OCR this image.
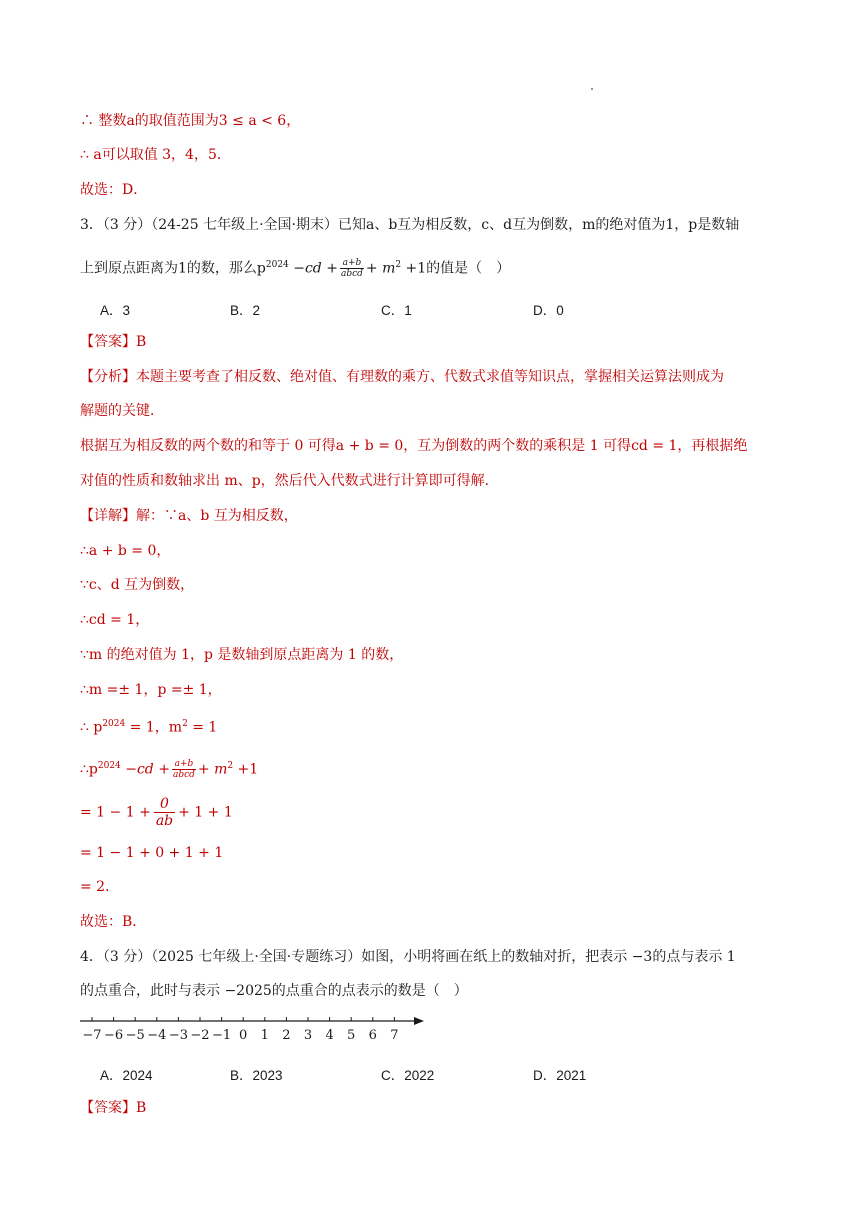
∴ 整数a的取值范围为3 ≤ a < 6，
∴ a可以取值 3，4，5．
故选：D．
3．（3 分）（24-25 七年级上·全国·期末）已知a、b互为相反数，c、d互为倒数，m的绝对值为1，p是数轴
上到原点距离为1的数，那么$p^{2024} -cd + \frac{a+b}{\text{abcd}} + m^2 +1$的值是（　）
A．3	B．2	C．1	D．0
【答案】B
【分析】本题主要考查了相反数、绝对值、有理数的乘方、代数式求值等知识点，掌握相关运算法则成为
解题的关键．
根据互为相反数的两个数的和等于 0 可得a + b = 0，互为倒数的两个数的乘积是 1 可得cd = 1，再根据绝
对值的性质和数轴求出 m、p，然后代入代数式进行计算即可得解．
【详解】解：∵a、b 互为相反数，
∴a + b = 0，
∵c、d 互为倒数，
∴cd = 1，
∵m 的绝对值为 1，p 是数轴到原点距离为 1 的数，
∴m =± 1，p =± 1，
∴ $p^{2024} = 1$，$m^2 = 1$
$\therefore p^{2024} -cd + \frac{a+b}{\text{abcd}} + m^2 +1$
= $1 - 1 + \frac{0}{ab} + 1 + 1$
= 1 − 1 + 0 + 1 + 1
= 2．
故选：B．
4．（3 分）（2025 七年级上·全国·专题练习）如图，小明将画在纸上的数轴对折，把表示 −3的点与表示 1
的点重合，此时与表示 −2025的点重合的点表示的数是（　）
−7 −6 −5 −4 −3 −2 −1 0 1 2 3 4 5 6 7
A．2024	B．2023	C．2022	D．2021
【答案】B
